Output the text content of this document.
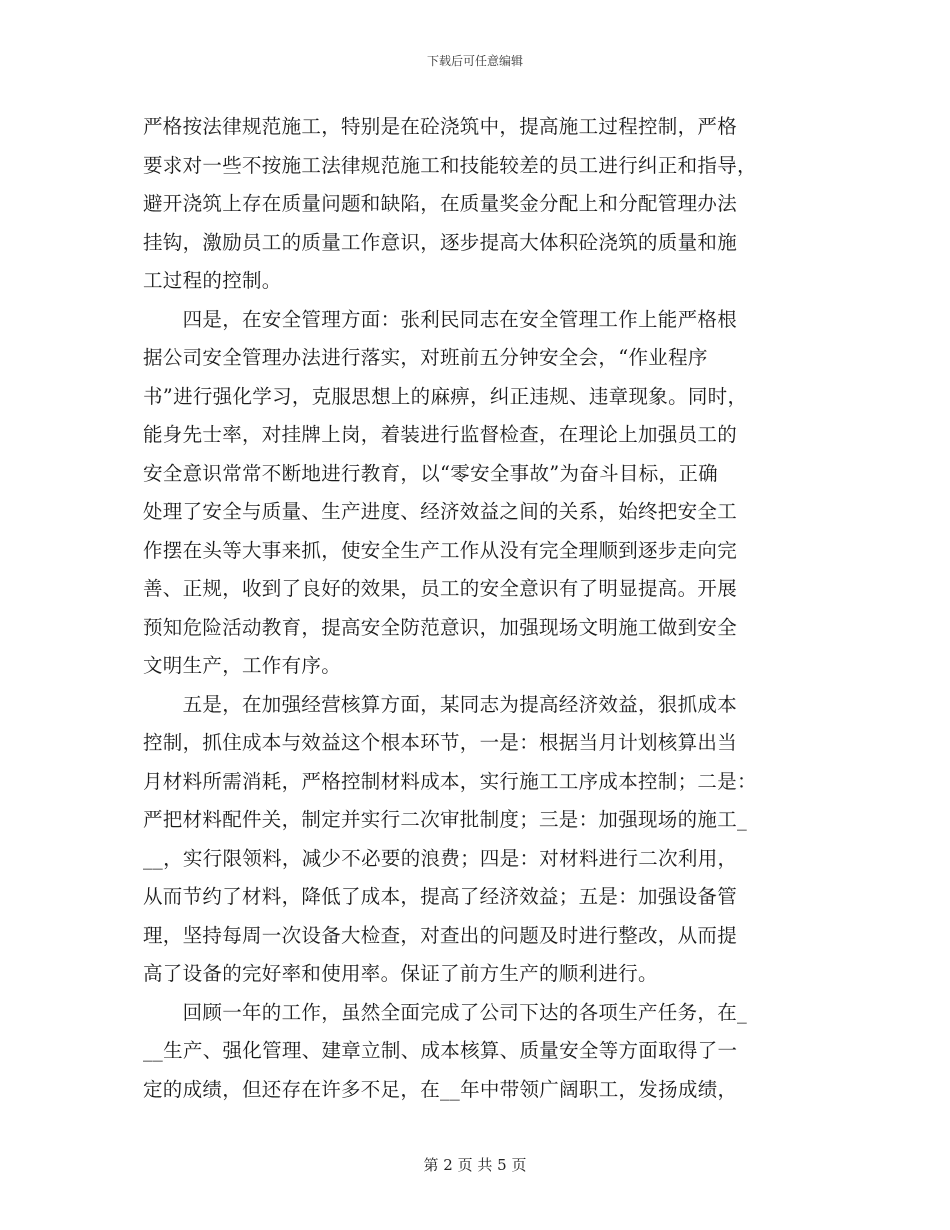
下载后可任意编辑
严格按法律规范施工，特别是在砼浇筑中，提高施工过程控制，严格
要求对一些不按施工法律规范施工和技能较差的员工进行纠正和指导，
避开浇筑上存在质量问题和缺陷，在质量奖金分配上和分配管理办法
挂钩，激励员工的质量工作意识，逐步提高大体积砼浇筑的质量和施
工过程的控制。
　　四是，在安全管理方面：张利民同志在安全管理工作上能严格根
据公司安全管理办法进行落实，对班前五分钟安全会，“作业程序
书”进行强化学习，克服思想上的麻痹，纠正违规、违章现象。同时，
能身先士率，对挂牌上岗，着装进行监督检查，在理论上加强员工的
安全意识常常不断地进行教育，以“零安全事故”为奋斗目标，正确
处理了安全与质量、生产进度、经济效益之间的关系，始终把安全工
作摆在头等大事来抓，使安全生产工作从没有完全理顺到逐步走向完
善、正规，收到了良好的效果，员工的安全意识有了明显提高。开展
预知危险活动教育，提高安全防范意识，加强现场文明施工做到安全
文明生产，工作有序。
　　五是，在加强经营核算方面，某同志为提高经济效益，狠抓成本
控制，抓住成本与效益这个根本环节，一是：根据当月计划核算出当
月材料所需消耗，严格控制材料成本，实行施工工序成本控制；二是：
严把材料配件关，制定并实行二次审批制度；三是：加强现场的施工_
__，实行限领料，减少不必要的浪费；四是：对材料进行二次利用，
从而节约了材料，降低了成本，提高了经济效益；五是：加强设备管
理，坚持每周一次设备大检查，对查出的问题及时进行整改，从而提
高了设备的完好率和使用率。保证了前方生产的顺利进行。
　　回顾一年的工作，虽然全面完成了公司下达的各项生产任务，在_
__生产、强化管理、建章立制、成本核算、质量安全等方面取得了一
定的成绩，但还存在许多不足，在__年中带领广阔职工，发扬成绩，
第 2 页 共 5 页
